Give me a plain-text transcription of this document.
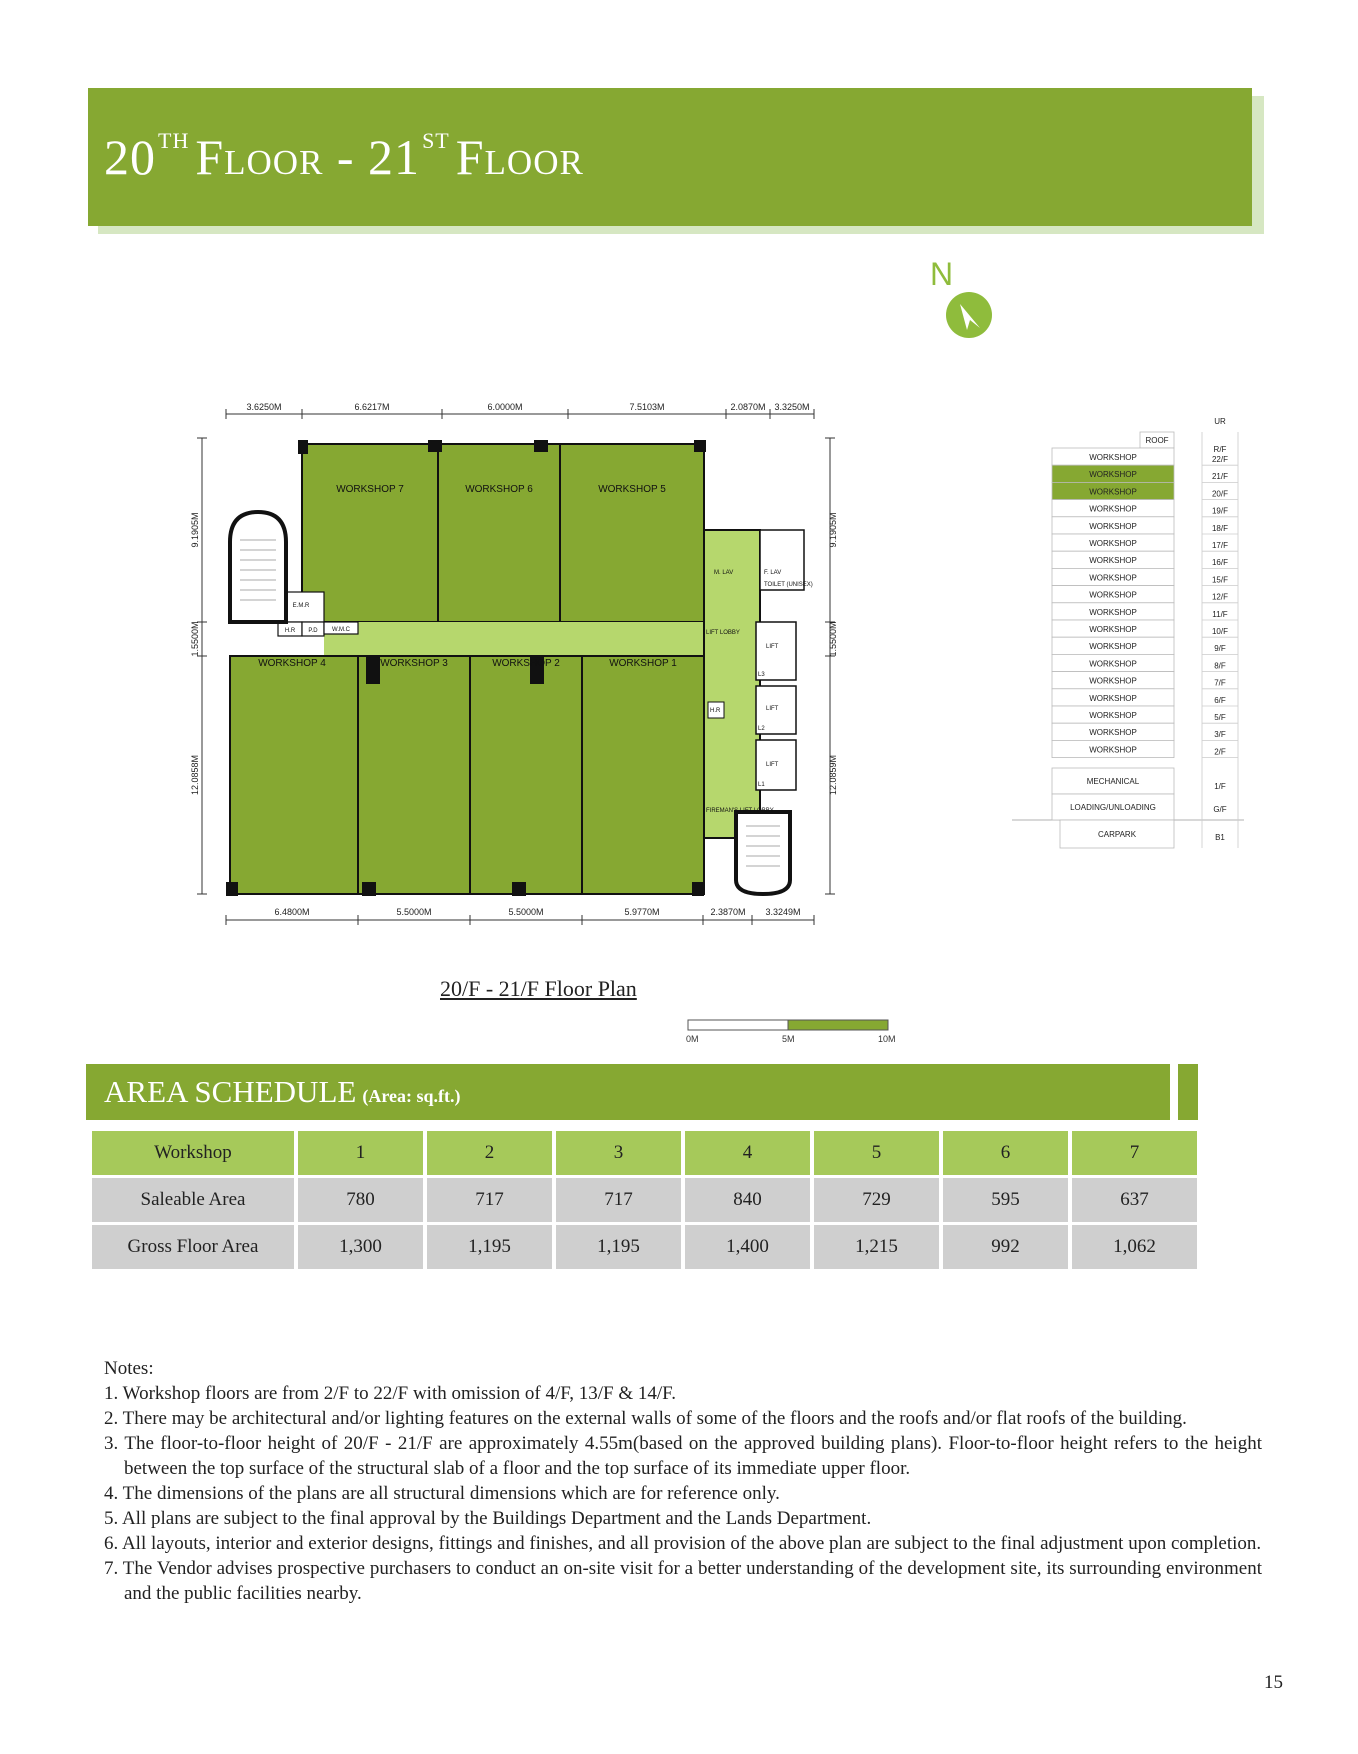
20TH Floor - 21ST Floor
N
3.6250M	6.6217M	6.0000M	7.5103M	2.0870M 3.3250M
6.4800M	5.5000M	5.5000M	5.9770M	2.3870M 3.3249M
9.1905M
1.5500M
12.0858M
9.1905M
1.5500M
12.0859M
WORKSHOP 7	WORKSHOP 6	WORKSHOP 5
WORKSHOP 4	WORKSHOP 3	WORKSHOP 2	WORKSHOP 1
E.M.R
H.R P.D W.M.C
M. LAV	F. LAV
TOILET (UNISEX)
LIFT LOBBY
LIFT
L3
LIFT
L2
LIFT
L1
H.R
FIREMAN'S LIFT LOBBY
20/F - 21/F Floor Plan
0M	5M	10M
UR
ROOF
R/F
WORKSHOP	22/F
WORKSHOP	21/F
WORKSHOP	20/F
WORKSHOP	19/F
WORKSHOP	18/F
WORKSHOP	17/F
WORKSHOP	16/F
WORKSHOP	15/F
WORKSHOP	12/F
WORKSHOP	11/F
WORKSHOP	10/F
WORKSHOP	9/F
WORKSHOP	8/F
WORKSHOP	7/F
WORKSHOP	6/F
WORKSHOP	5/F
WORKSHOP	3/F
WORKSHOP	2/F
MECHANICAL
1/F
LOADING/UNLOADING	G/F
CARPARK	B1
AREA SCHEDULE (Area: sq.ft.)
Workshop	1	2	3	4	5	6	7
Saleable Area	780	717	717	840	729	595	637
Gross Floor Area	1,300	1,195	1,195	1,400	1,215	992	1,062
Notes:
1. Workshop floors are from 2/F to 22/F with omission of 4/F, 13/F & 14/F.
2. There may be architectural and/or lighting features on the external walls of some of the floors and the roofs and/or flat roofs of the building.
3. The floor-to-floor height of 20/F - 21/F are approximately 4.55m(based on the approved building plans). Floor-to-floor height refers to the height between the top surface of the structural slab of a floor and the top surface of its immediate upper floor.
4. The dimensions of the plans are all structural dimensions which are for reference only.
5. All plans are subject to the final approval by the Buildings Department and the Lands Department.
6. All layouts, interior and exterior designs, fittings and finishes, and all provision of the above plan are subject to the final adjustment upon completion.
7. The Vendor advises prospective purchasers to conduct an on-site visit for a better understanding of the development site, its surrounding environment and the public facilities nearby.
15
